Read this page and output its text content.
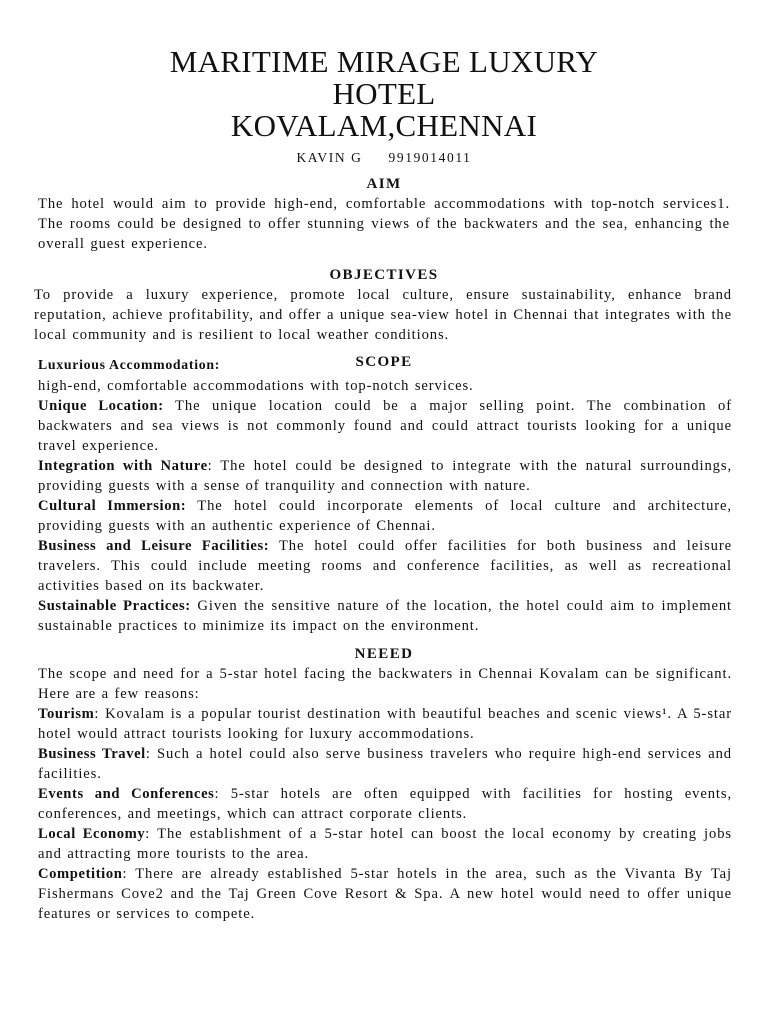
MARITIME MIRAGE LUXURY
HOTEL
KOVALAM,CHENNAI
KAVIN G 9919014011
AIM

The hotel would aim to provide high-end, comfortable accommodations with top-notch services1. The rooms could be designed to offer stunning views of the backwaters and the sea, enhancing the overall guest experience.

OBJECTIVES

To provide a luxury experience, promote local culture, ensure sustainability, enhance brand reputation, achieve profitability, and offer a unique sea-view hotel in Chennai that integrates with the local community and is resilient to local weather conditions.

SCOPE
Luxurious Accommodation:

high-end, comfortable accommodations with top-notch services.

Unique Location: The unique location could be a major selling point. The combination of backwaters and sea views is not commonly found and could attract tourists looking for a unique travel experience.

Integration with Nature: The hotel could be designed to integrate with the natural surroundings, providing guests with a sense of tranquility and connection with nature.

Cultural Immersion: The hotel could incorporate elements of local culture and architecture, providing guests with an authentic experience of Chennai.

Business and Leisure Facilities: The hotel could offer facilities for both business and leisure travelers. This could include meeting rooms and conference facilities, as well as recreational activities based on its backwater.

Sustainable Practices: Given the sensitive nature of the location, the hotel could aim to implement sustainable practices to minimize its impact on the environment.

NEEED

The scope and need for a 5-star hotel facing the backwaters in Chennai Kovalam can be significant. Here are a few reasons:

Tourism: Kovalam is a popular tourist destination with beautiful beaches and scenic views¹. A 5-star hotel would attract tourists looking for luxury accommodations.

Business Travel: Such a hotel could also serve business travelers who require high-end services and facilities.

Events and Conferences: 5-star hotels are often equipped with facilities for hosting events, conferences, and meetings, which can attract corporate clients.

Local Economy: The establishment of a 5-star hotel can boost the local economy by creating jobs and attracting more tourists to the area.

Competition: There are already established 5-star hotels in the area, such as the Vivanta By Taj Fishermans Cove2 and the Taj Green Cove Resort & Spa. A new hotel would need to offer unique features or services to compete.
